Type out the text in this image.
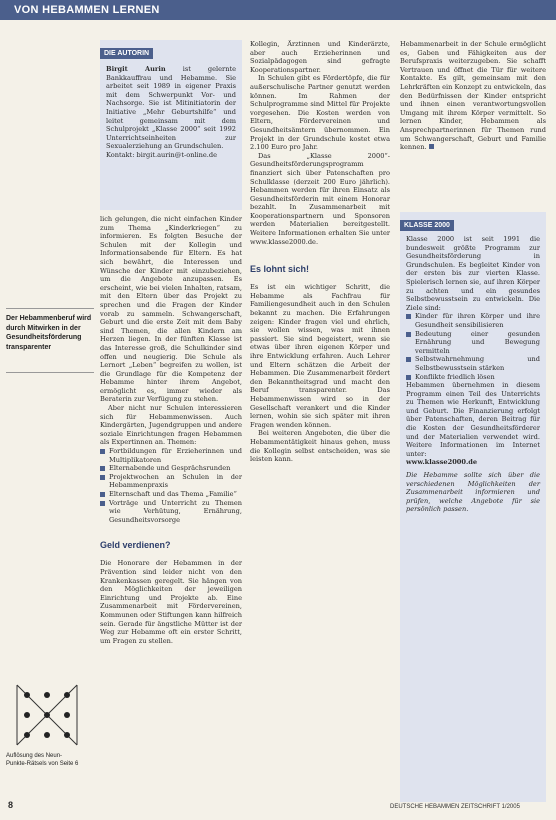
VON HEBAMMEN LERNEN
DIE AUTORIN
Birgit Aurin ist gelernte Bankkauffrau und Hebamme. Sie arbeitet seit 1989 in eigener Praxis mit dem Schwerpunkt Vor- und Nachsorge. Sie ist Mitinitiatorin der Initiative „Mehr Geburtshilfe“ und leitet gemeinsam mit dem Schulprojekt „Klasse 2000“ seit 1992 Unterrichtseinheiten zur Sexualerziehung an Grundschulen.
Kontakt: birgit.aurin@t-online.de
Der Hebammenberuf wird durch Mitwirken in der Gesundheitsförderung transparenter
Auflösung des Neun-Punkte-Rätsels von Seite 6

lich gelungen, die nicht einfachen Kinder zum Thema „Kinderkriegen“ zu informieren. Es folgten Besuche der Schulen mit der Kollegin und Informationsabende für Eltern. Es hat sich bewährt, die Interessen und Wünsche der Kinder mit einzubeziehen, um die Angebote anzupassen. Es erscheint, wie bei vielen Inhalten, ratsam, mit den Eltern über das Projekt zu sprechen und die Fragen der Kinder vorab zu sammeln. Schwangerschaft, Geburt und die erste Zeit mit dem Baby sind Themen, die allen Kindern am Herzen liegen. In der fünften Klasse ist das Interesse groß, die Schulkinder sind offen und neugierig. Die Schule als Lernort „Leben“ begreifen zu wollen, ist die Grundlage für die Kompetenz der Hebamme hinter ihrem Angebot, ermöglicht es, immer wieder als Beraterin zur Verfügung zu stehen.

Aber nicht nur Schulen interessieren sich für Hebammenwissen. Auch Kindergärten, Jugendgruppen und andere soziale Einrichtungen fragen Hebammen als Expertinnen an. Themen:

Fortbildungen für Erzieherinnen und Multiplikatoren
Elternabende und Gesprächsrunden
Projektwochen an Schulen in der Hebammenpraxis
Elternschaft und das Thema „Familie“
Vorträge und Unterricht zu Themen wie Verhütung, Ernährung, Gesundheitsvorsorge
Geld verdienen?

Die Honorare der Hebammen in der Prävention sind leider nicht von den Krankenkassen geregelt. Sie hängen von den Möglichkeiten der jeweiligen Einrichtung und Projekte ab. Eine Zusammenarbeit mit Fördervereinen, Kommunen oder Stiftungen kann hilfreich sein. Gerade für ängstliche Mütter ist der Weg zur Hebamme oft ein erster Schritt, um Fragen zu stellen.

Kollegin, Ärztinnen und Kinderärzte, aber auch Erzieherinnen und Sozialpädagogen sind gefragte Kooperationspartner.

In Schulen gibt es Fördertöpfe, die für außerschulische Partner genutzt werden können. Im Rahmen der Schulprogramme sind Mittel für Projekte vorgesehen. Die Kosten werden von Eltern, Fördervereinen und Gesundheitsämtern übernommen. Ein Projekt in der Grundschule kostet etwa 2.100 Euro pro Jahr.

Das „Klasse 2000“-Gesundheitsförderungsprogramm finanziert sich über Patenschaften pro Schulklasse (derzeit 200 Euro jährlich). Hebammen werden für ihren Einsatz als Gesundheitsförderin mit einem Honorar bezahlt. In Zusammenarbeit mit Kooperationspartnern und Sponsoren werden Materialien bereitgestellt. Weitere Informationen erhalten Sie unter www.klasse2000.de.

Es lohnt sich!

Es ist ein wichtiger Schritt, die Hebamme als Fachfrau für Familiengesundheit auch in den Schulen bekannt zu machen. Die Erfahrungen zeigen: Kinder fragen viel und ehrlich, sie wollen wissen, was mit ihnen passiert. Sie sind begeistert, wenn sie etwas über ihren eigenen Körper und ihre Entwicklung erfahren. Auch Lehrer und Eltern schätzen die Arbeit der Hebammen. Die Zusammenarbeit fördert den Bekanntheitsgrad und macht den Beruf transparenter. Das Hebammenwissen wird so in der Gesellschaft verankert und die Kinder lernen, wohin sie sich später mit ihren Fragen wenden können.

Bei weiteren Angeboten, die über die Hebammentätigkeit hinaus gehen, muss die Kollegin selbst entscheiden, was sie leisten kann.

Hebammenarbeit in der Schule ermöglicht es, Gaben und Fähigkeiten aus der Berufspraxis weiterzugeben. Sie schafft Vertrauen und öffnet die Tür für weitere Kontakte. Es gilt, gemeinsam mit den Lehrkräften ein Konzept zu entwickeln, das den Bedürfnissen der Kinder entspricht und ihnen einen verantwortungsvollen Umgang mit ihrem Körper vermittelt. So lernen Kinder, Hebammen als Ansprechpartnerinnen für Themen rund um Schwangerschaft, Geburt und Familie kennen.

KLASSE 2000
Klasse 2000 ist seit 1991 die bundesweit größte Programm zur Gesundheitsförderung in Grundschulen. Es begleitet Kinder von der ersten bis zur vierten Klasse. Spielerisch lernen sie, auf ihren Körper zu achten und ein gesundes Selbstbewusstsein zu entwickeln. Die Ziele sind:
Kinder für ihren Körper und ihre Gesundheit sensibilisieren
Bedeutung einer gesunden Ernährung und Bewegung vermitteln
Selbstwahrnehmung und Selbstbewusstsein stärken
Konflikte friedlich lösen
Hebammen übernehmen in diesem Programm einen Teil des Unterrichts zu Themen wie Herkunft, Entwicklung und Geburt. Die Finanzierung erfolgt über Patenschaften, deren Beitrag für die Kosten der Gesundheitsförderer und der Materialien verwendet wird. Weitere Informationen im Internet unter:
www.klasse2000.de
Die Hebamme sollte sich über die verschiedenen Möglichkeiten der Zusammenarbeit informieren und prüfen, welche Angebote für sie persönlich passen.
8	DEUTSCHE HEBAMMEN ZEITSCHRIFT 1/2005
